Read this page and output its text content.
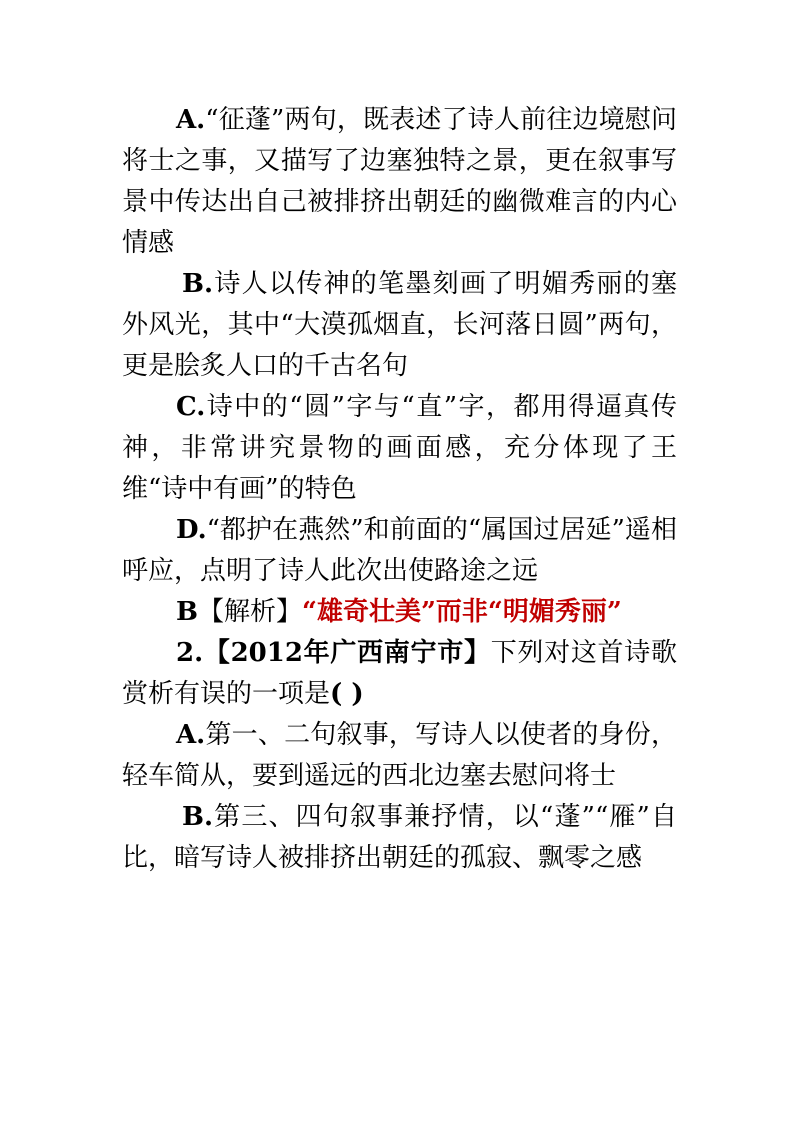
A.“征蓬”两句，既表述了诗人前往边境慰问将士之事，又描写了边塞独特之景，更在叙事写景中传达出自己被排挤出朝廷的幽微难言的内心情感

B.诗人以传神的笔墨刻画了明媚秀丽的塞外风光，其中“大漠孤烟直，长河落日圆”两句，更是脍炙人口的千古名句

C.诗中的“圆”字与“直”字，都用得逼真传神，非常讲究景物的画面感，充分体现了王维“诗中有画”的特色

D.“都护在燕然”和前面的“属国过居延”遥相呼应，点明了诗人此次出使路途之远

B【解析】“雄奇壮美”而非“明媚秀丽”

2.【2012年广西南宁市】下列对这首诗歌赏析有误的一项是( )

A.第一、二句叙事，写诗人以使者的身份，轻车简从，要到遥远的西北边塞去慰问将士

B.第三、四句叙事兼抒情，以“蓬”“雁”自比，暗写诗人被排挤出朝廷的孤寂、飘零之感
